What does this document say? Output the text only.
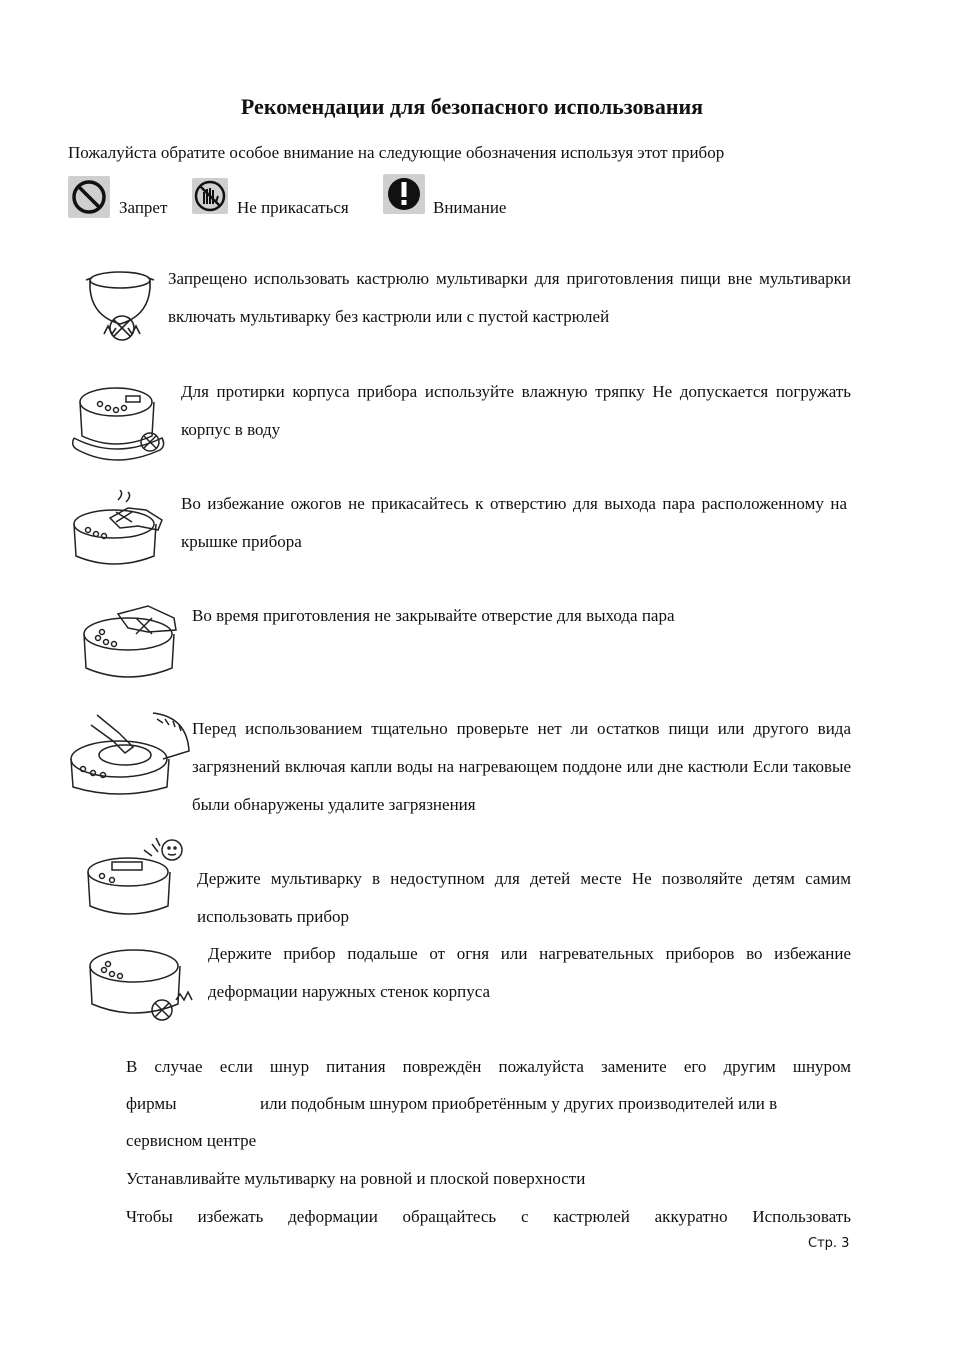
Рекомендации для безопасного использования
Пожалуйста обратите особое внимание на следующие обозначения используя этот прибор
Запрет	Не прикасаться	Внимание
Запрещено использовать кастрюлю мультиварки для приготовления пищи вне мультиварки включать мультиварку без кастрюли или с пустой кастрюлей
Для протирки корпуса прибора используйте влажную тряпку Не допускается погружать корпус в воду
Во избежание ожогов не прикасайтесь к отверстию для выхода пара расположенному на крышке прибора
Во время приготовления не закрывайте отверстие для выхода пара
Перед использованием тщательно проверьте нет ли остатков пищи или другого вида загрязнений включая капли воды на нагревающем поддоне или дне кастюли Если таковые были обнаружены удалите загрязнения
Держите мультиварку в недоступном для детей месте Не позволяйте детям самим использовать прибор
Держите прибор подальше от огня или нагревательных приборов во избежание деформации наружных стенок корпуса
В случае если шнур питания повреждён пожалуйста замените его другим шнуром
фирмы	или подобным шнуром приобретённым у других производителей или в
сервисном центре
Устанавливайте мультиварку на ровной и плоской поверхности
Чтобы избежать деформации обращайтесь с кастрюлей аккуратно Использовать
Стр. 3
